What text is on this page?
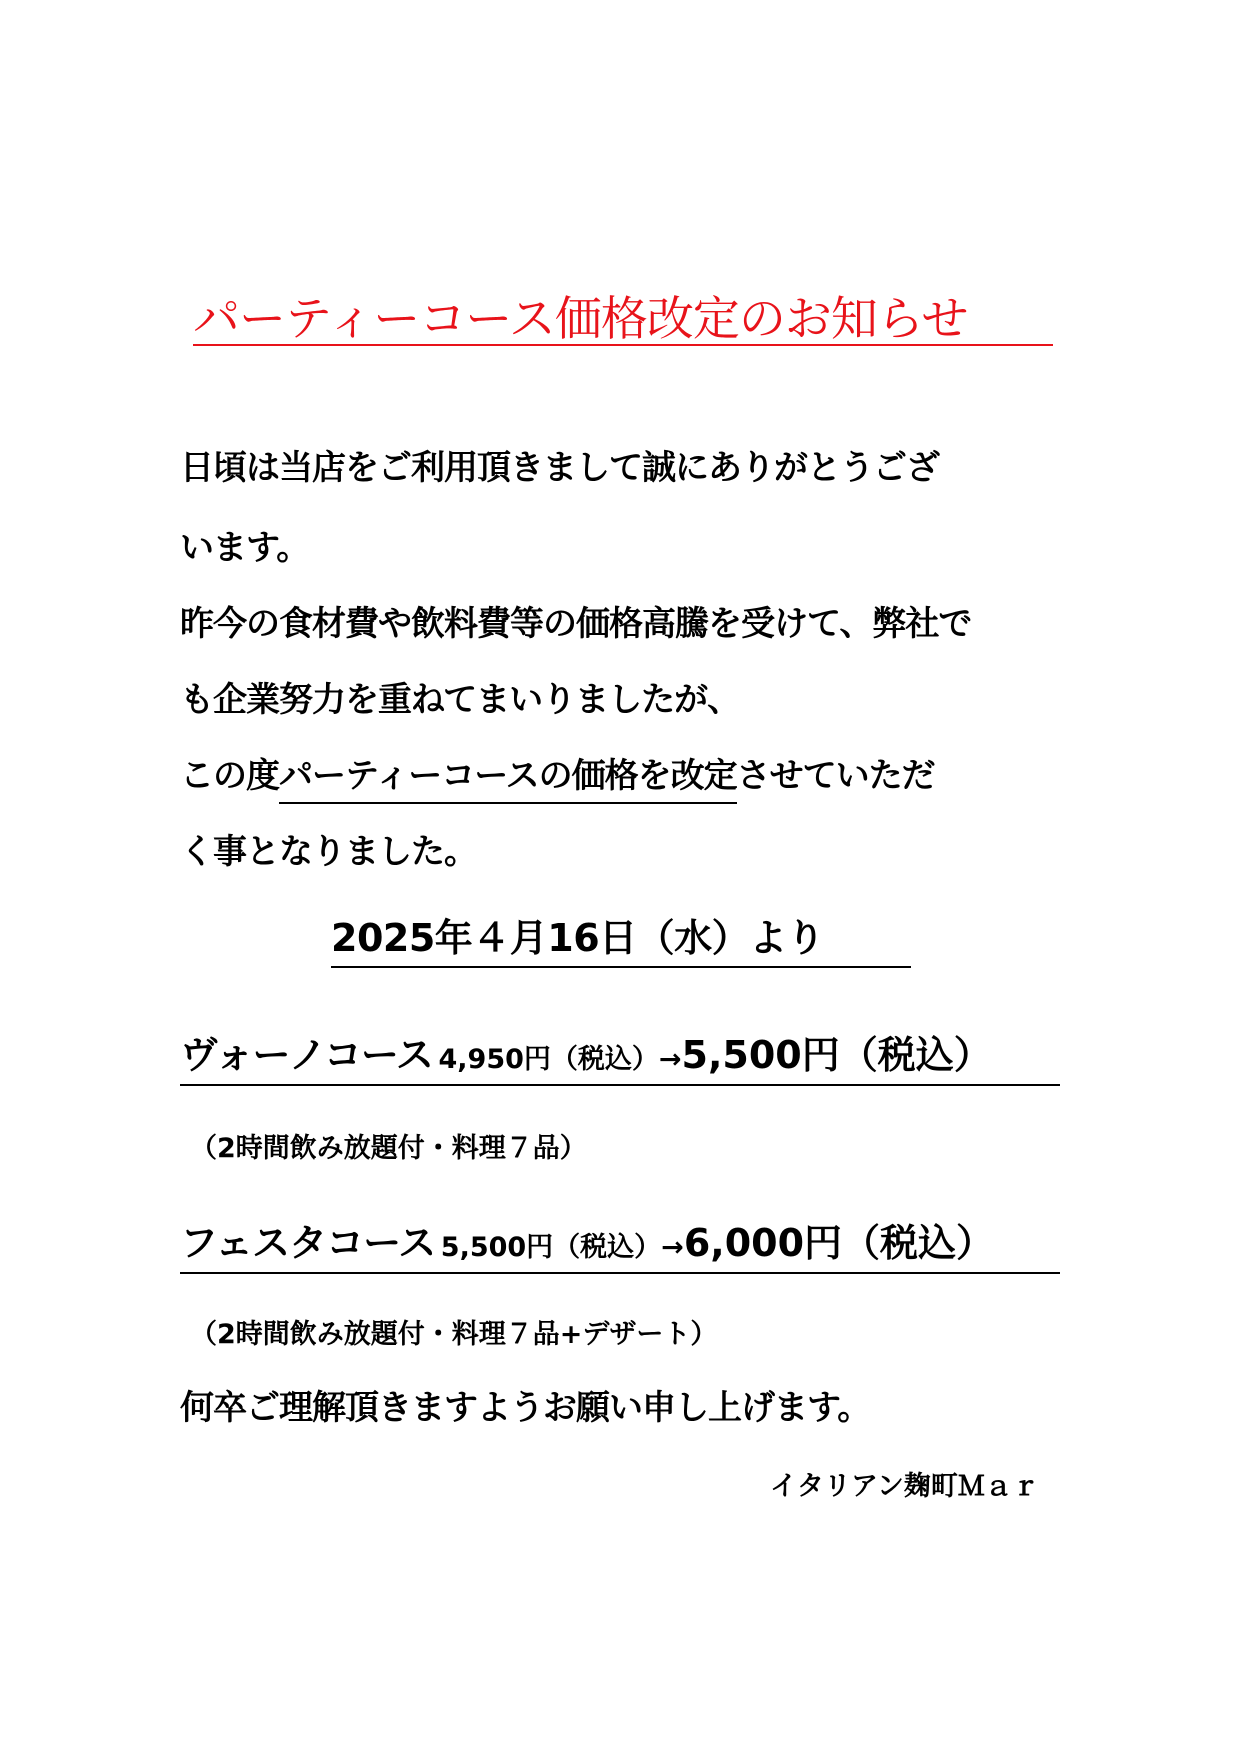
パーティーコース価格改定のお知らせ
日頃は当店をご利用頂きまして誠にありがとうござ
います。
昨今の食材費や飲料費等の価格高騰を受けて、弊社で
も企業努力を重ねてまいりましたが、
この度パーティーコースの価格を改定させていただ
く事となりました。
2025年４月16日（水）より
ヴォーノコース 4,950円（税込）→5,500円（税込）
（2時間飲み放題付・料理７品）
フェスタコース 5,500円（税込）→6,000円（税込）
（2時間飲み放題付・料理７品+デザート）
何卒ご理解頂きますようお願い申し上げます。
イタリアン麹町Ｍａｒ
